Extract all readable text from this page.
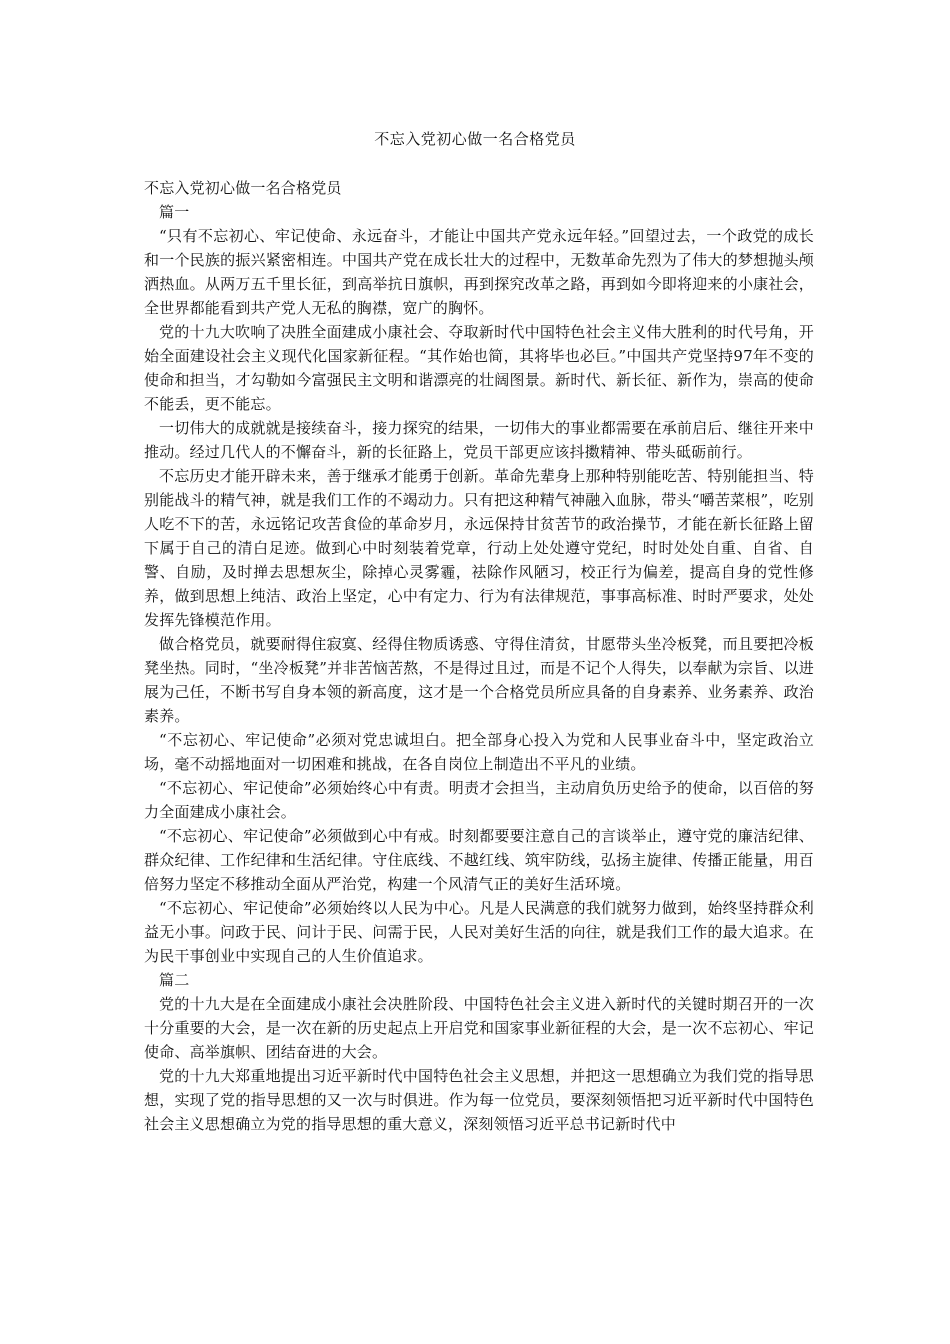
不忘入党初心做一名合格党员

不忘入党初心做一名合格党员

篇一

“只有不忘初心、牢记使命、永远奋斗，才能让中国共产党永远年轻。”回望过去，一个政党的成长和一个民族的振兴紧密相连。中国共产党在成长壮大的过程中，无数革命先烈为了伟大的梦想抛头颅洒热血。从两万五千里长征，到高举抗日旗帜，再到探究改革之路，再到如今即将迎来的小康社会，全世界都能看到共产党人无私的胸襟，宽广的胸怀。

党的十九大吹响了决胜全面建成小康社会、夺取新时代中国特色社会主义伟大胜利的时代号角，开始全面建设社会主义现代化国家新征程。“其作始也简，其将毕也必巨。”中国共产党坚持97年不变的使命和担当，才勾勒如今富强民主文明和谐漂亮的壮阔图景。新时代、新长征、新作为，崇高的使命不能丢，更不能忘。

一切伟大的成就就是接续奋斗，接力探究的结果，一切伟大的事业都需要在承前启后、继往开来中推动。经过几代人的不懈奋斗，新的长征路上，党员干部更应该抖擞精神、带头砥砺前行。

不忘历史才能开辟未来，善于继承才能勇于创新。革命先辈身上那种特别能吃苦、特别能担当、特别能战斗的精气神，就是我们工作的不竭动力。只有把这种精气神融入血脉，带头“嚼苦菜根”，吃别人吃不下的苦，永远铭记攻苦食俭的革命岁月，永远保持甘贫苦节的政治操节，才能在新长征路上留下属于自己的清白足迹。做到心中时刻装着党章，行动上处处遵守党纪，时时处处自重、自省、自警、自励，及时掸去思想灰尘，除掉心灵雾霾，祛除作风陋习，校正行为偏差，提高自身的党性修养，做到思想上纯洁、政治上坚定，心中有定力、行为有法律规范，事事高标准、时时严要求，处处发挥先锋模范作用。

做合格党员，就要耐得住寂寞、经得住物质诱惑、守得住清贫，甘愿带头坐冷板凳，而且要把冷板凳坐热。同时，“坐冷板凳”并非苦恼苦熬，不是得过且过，而是不记个人得失，以奉献为宗旨、以进展为己任，不断书写自身本领的新高度，这才是一个合格党员所应具备的自身素养、业务素养、政治素养。

“不忘初心、牢记使命”必须对党忠诚坦白。把全部身心投入为党和人民事业奋斗中，坚定政治立场，毫不动摇地面对一切困难和挑战，在各自岗位上制造出不平凡的业绩。

“不忘初心、牢记使命”必须始终心中有责。明责才会担当，主动肩负历史给予的使命，以百倍的努力全面建成小康社会。

“不忘初心、牢记使命”必须做到心中有戒。时刻都要要注意自己的言谈举止，遵守党的廉洁纪律、群众纪律、工作纪律和生活纪律。守住底线、不越红线、筑牢防线，弘扬主旋律、传播正能量，用百倍努力坚定不移推动全面从严治党，构建一个风清气正的美好生活环境。

“不忘初心、牢记使命”必须始终以人民为中心。凡是人民满意的我们就努力做到，始终坚持群众利益无小事。问政于民、问计于民、问需于民，人民对美好生活的向往，就是我们工作的最大追求。在为民干事创业中实现自己的人生价值追求。

篇二

党的十九大是在全面建成小康社会决胜阶段、中国特色社会主义进入新时代的关键时期召开的一次十分重要的大会，是一次在新的历史起点上开启党和国家事业新征程的大会，是一次不忘初心、牢记使命、高举旗帜、团结奋进的大会。

党的十九大郑重地提出习近平新时代中国特色社会主义思想，并把这一思想确立为我们党的指导思想，实现了党的指导思想的又一次与时俱进。作为每一位党员，要深刻领悟把习近平新时代中国特色社会主义思想确立为党的指导思想的重大意义，深刻领悟习近平总书记新时代中
